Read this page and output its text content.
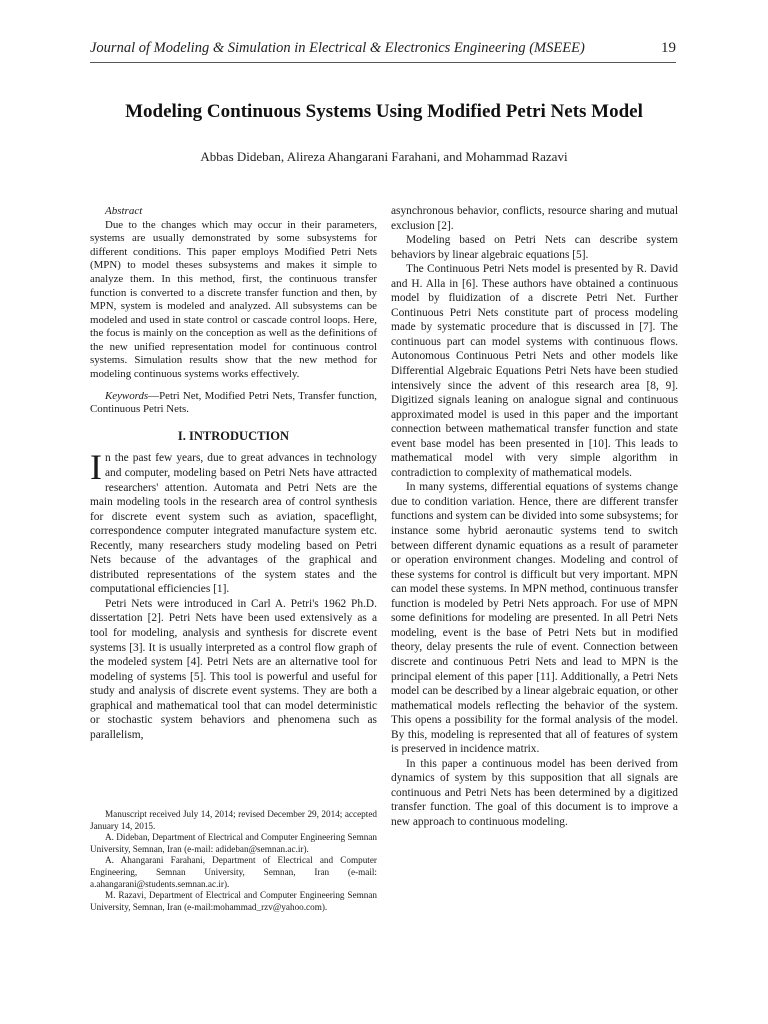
Journal of Modeling & Simulation in Electrical & Electronics Engineering (MSEEE)	19
Modeling Continuous Systems Using Modified Petri Nets Model
Abbas Dideban, Alireza Ahangarani Farahani, and Mohammad Razavi

Abstract

Due to the changes which may occur in their parameters, systems are usually demonstrated by some subsystems for different conditions. This paper employs Modified Petri Nets (MPN) to model theses subsystems and makes it simple to analyze them. In this method, first, the continuous transfer function is converted to a discrete transfer function and then, by MPN, system is modeled and analyzed. All subsystems can be modeled and used in state control or cascade control loops. Here, the focus is mainly on the conception as well as the definitions of the new unified representation model for continuous control systems. Simulation results show that the new method for modeling continuous systems works effectively.

Keywords—Petri Net, Modified Petri Nets, Transfer function, Continuous Petri Nets.

I. INTRODUCTION

In the past few years, due to great advances in technology and computer, modeling based on Petri Nets have attracted researchers' attention. Automata and Petri Nets are the main modeling tools in the research area of control synthesis for discrete event system such as aviation, spaceflight, correspondence computer integrated manufacture system etc. Recently, many researchers study modeling based on Petri Nets because of the advantages of the graphical and distributed representations of the system states and the computational efficiencies [1].

Petri Nets were introduced in Carl A. Petri's 1962 Ph.D. dissertation [2]. Petri Nets have been used extensively as a tool for modeling, analysis and synthesis for discrete event systems [3]. It is usually interpreted as a control flow graph of the modeled system [4]. Petri Nets are an alternative tool for modeling of systems [5]. This tool is powerful and useful for study and analysis of discrete event systems. They are both a graphical and mathematical tool that can model deterministic or stochastic system behaviors and phenomena such as parallelism,

Manuscript received July 14, 2014; revised December 29, 2014; accepted January 14, 2015.

A. Dideban, Department of Electrical and Computer Engineering Semnan University, Semnan, Iran (e-mail: adideban@semnan.ac.ir).

A. Ahangarani Farahani, Department of Electrical and Computer Engineering, Semnan University, Semnan, Iran (e-mail: a.ahangarani@students.semnan.ac.ir).

M. Razavi, Department of Electrical and Computer Engineering Semnan University, Semnan, Iran (e-mail:mohammad_rzv@yahoo.com).

asynchronous behavior, conflicts, resource sharing and mutual exclusion [2].

Modeling based on Petri Nets can describe system behaviors by linear algebraic equations [5].

The Continuous Petri Nets model is presented by R. David and H. Alla in [6]. These authors have obtained a continuous model by fluidization of a discrete Petri Net. Further Continuous Petri Nets constitute part of process modeling made by systematic procedure that is discussed in [7]. The continuous part can model systems with continuous flows. Autonomous Continuous Petri Nets and other models like Differential Algebraic Equations Petri Nets have been studied intensively since the advent of this research area [8, 9]. Digitized signals leaning on analogue signal and continuous approximated model is used in this paper and the important connection between mathematical transfer function and state event base model has been presented in [10]. This leads to mathematical model with very simple algorithm in contradiction to complexity of mathematical models.

In many systems, differential equations of systems change due to condition variation. Hence, there are different transfer functions and system can be divided into some subsystems; for instance some hybrid aeronautic systems tend to switch between different dynamic equations as a result of parameter or operation environment changes. Modeling and control of these systems for control is difficult but very important. MPN can model these systems. In MPN method, continuous transfer function is modeled by Petri Nets approach. For use of MPN some definitions for modeling are presented. In all Petri Nets modeling, event is the base of Petri Nets but in modified theory, delay presents the rule of event. Connection between discrete and continuous Petri Nets and lead to MPN is the principal element of this paper [11]. Additionally, a Petri Nets model can be described by a linear algebraic equation, or other mathematical models reflecting the behavior of the system. This opens a possibility for the formal analysis of the model. By this, modeling is represented that all of features of system is preserved in incidence matrix.

In this paper a continuous model has been derived from dynamics of system by this supposition that all signals are continuous and Petri Nets has been determined by a digitized transfer function. The goal of this document is to improve a new approach to continuous modeling.
